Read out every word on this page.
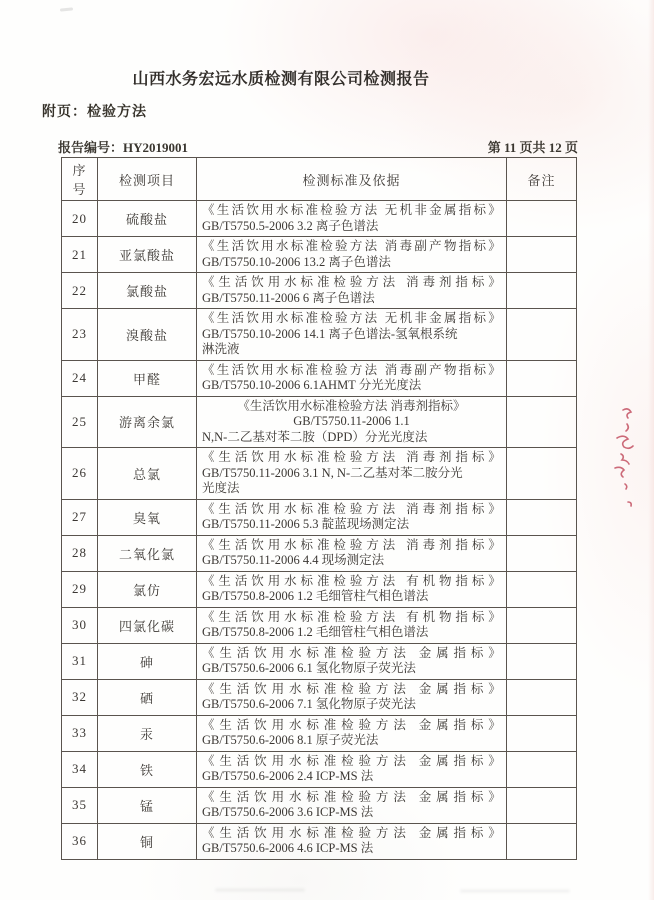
山西水务宏远水质检测有限公司检测报告
附页：检验方法
报告编号：HY2019001	第 11 页共 12 页
序号	检测项目	检测标准及依据	备注
20	硫酸盐	《生活饮用水标准检验方法 无机非金属指标》
GB/T5750.5-2006 3.2 离子色谱法	

21	亚氯酸盐	《生活饮用水标准检验方法 消毒副产物指标》
GB/T5750.10-2006 13.2 离子色谱法	

22	氯酸盐	《生活饮用水标准检验方法 消毒剂指标》
GB/T5750.11-2006 6 离子色谱法	

23	溴酸盐	《生活饮用水标准检验方法 无机非金属指标》
GB/T5750.10-2006 14.1 离子色谱法-氢氧根系统
淋洗液	

24	甲醛	《生活饮用水标准检验方法 消毒副产物指标》
GB/T5750.10-2006 6.1AHMT 分光光度法	

25	游离余氯	《生活饮用水标准检验方法 消毒剂指标》
GB/T5750.11-2006 1.1
N,N-二乙基对苯二胺（DPD）分光光度法	

26	总氯	《生活饮用水标准检验方法 消毒剂指标》
GB/T5750.11-2006 3.1 N, N-二乙基对苯二胺分光
光度法	

27	臭氧	《生活饮用水标准检验方法 消毒剂指标》
GB/T5750.11-2006 5.3 靛蓝现场测定法	

28	二氧化氯	《生活饮用水标准检验方法 消毒剂指标》
GB/T5750.11-2006 4.4 现场测定法	

29	氯仿	《生活饮用水标准检验方法 有机物指标》
GB/T5750.8-2006 1.2 毛细管柱气相色谱法	

30	四氯化碳	《生活饮用水标准检验方法 有机物指标》
GB/T5750.8-2006 1.2 毛细管柱气相色谱法	

31	砷	《生活饮用水标准检验方法 金属指标》
GB/T5750.6-2006 6.1 氢化物原子荧光法	

32	硒	《生活饮用水标准检验方法 金属指标》
GB/T5750.6-2006 7.1 氢化物原子荧光法	

33	汞	《生活饮用水标准检验方法 金属指标》
GB/T5750.6-2006 8.1 原子荧光法	

34	铁	《生活饮用水标准检验方法 金属指标》
GB/T5750.6-2006 2.4 ICP-MS 法	

35	锰	《生活饮用水标准检验方法 金属指标》
GB/T5750.6-2006 3.6 ICP-MS 法	

36	铜	《生活饮用水标准检验方法 金属指标》
GB/T5750.6-2006 4.6 ICP-MS 法	
